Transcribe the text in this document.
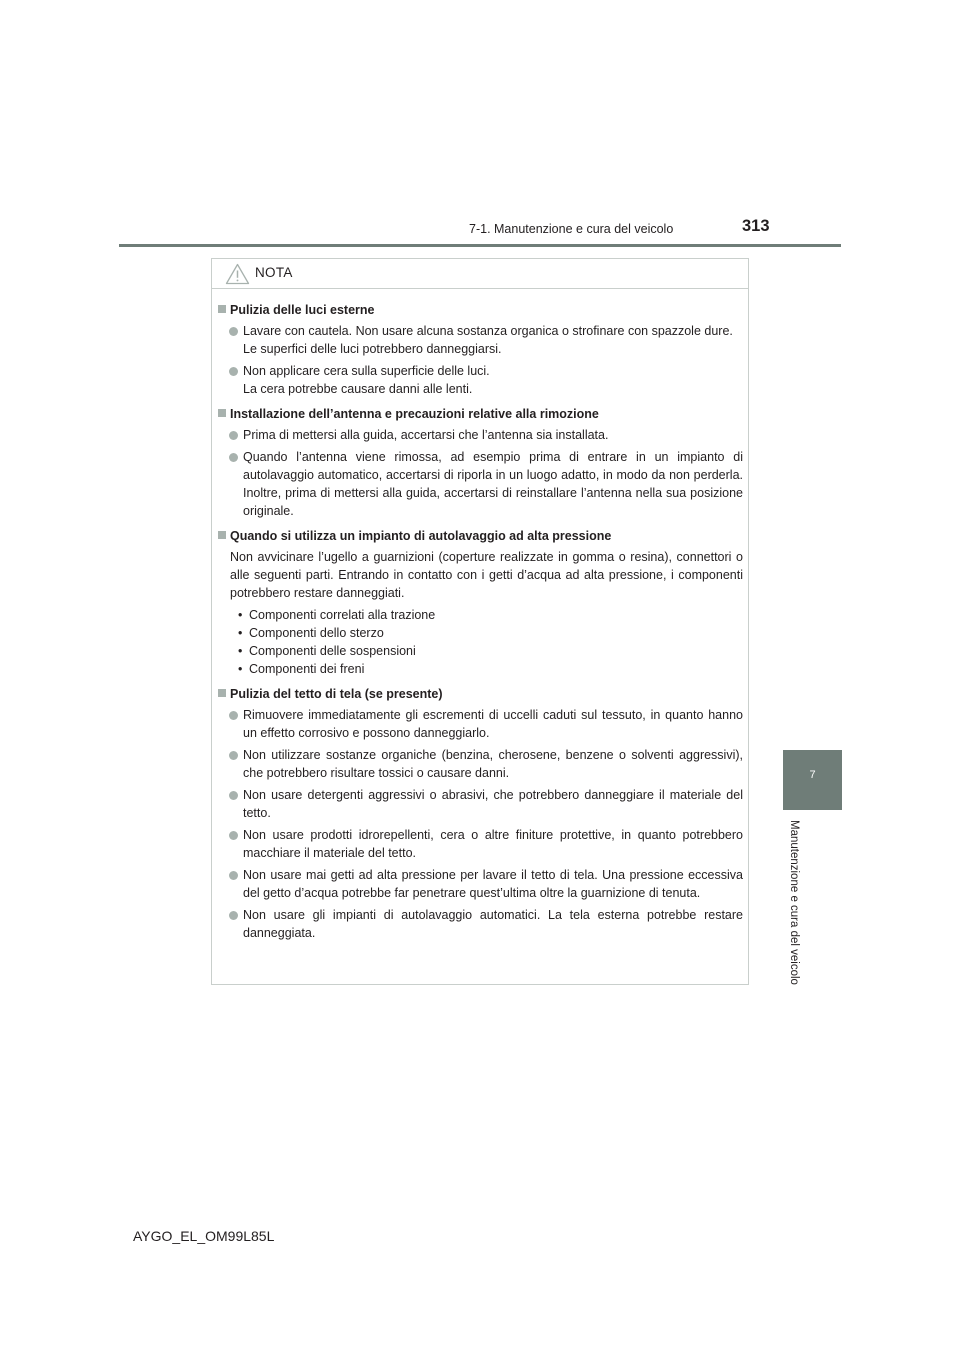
7-1. Manutenzione e cura del veicolo	313
7
Manutenzione e cura del veicolo
AYGO_EL_OM99L85L
NOTA
Pulizia delle luci esterne
Lavare con cautela. Non usare alcuna sostanza organica o strofinare con spazzole dure.
Le superfici delle luci potrebbero danneggiarsi.
Non applicare cera sulla superficie delle luci.
La cera potrebbe causare danni alle lenti.
Installazione dell’antenna e precauzioni relative alla rimozione
Prima di mettersi alla guida, accertarsi che l’antenna sia installata.
Quando l’antenna viene rimossa, ad esempio prima di entrare in un impianto di autolavaggio automatico, accertarsi di riporla in un luogo adatto, in modo da non perderla. Inoltre, prima di mettersi alla guida, accertarsi di reinstallare l’antenna nella sua posizione originale.
Quando si utilizza un impianto di autolavaggio ad alta pressione
Non avvicinare l’ugello a guarnizioni (coperture realizzate in gomma o resina), connettori o alle seguenti parti. Entrando in contatto con i getti d’acqua ad alta pressione, i componenti potrebbero restare danneggiati.
• Componenti correlati alla trazione
• Componenti dello sterzo
• Componenti delle sospensioni
• Componenti dei freni
Pulizia del tetto di tela (se presente)
Rimuovere immediatamente gli escrementi di uccelli caduti sul tessuto, in quanto hanno un effetto corrosivo e possono danneggiarlo.
Non utilizzare sostanze organiche (benzina, cherosene, benzene o solventi aggressivi), che potrebbero risultare tossici o causare danni.
Non usare detergenti aggressivi o abrasivi, che potrebbero danneggiare il materiale del tetto.
Non usare prodotti idrorepellenti, cera o altre finiture protettive, in quanto potrebbero macchiare il materiale del tetto.
Non usare mai getti ad alta pressione per lavare il tetto di tela. Una pressione eccessiva del getto d’acqua potrebbe far penetrare quest’ultima oltre la guarnizione di tenuta.
Non usare gli impianti di autolavaggio automatici. La tela esterna potrebbe restare danneggiata.
